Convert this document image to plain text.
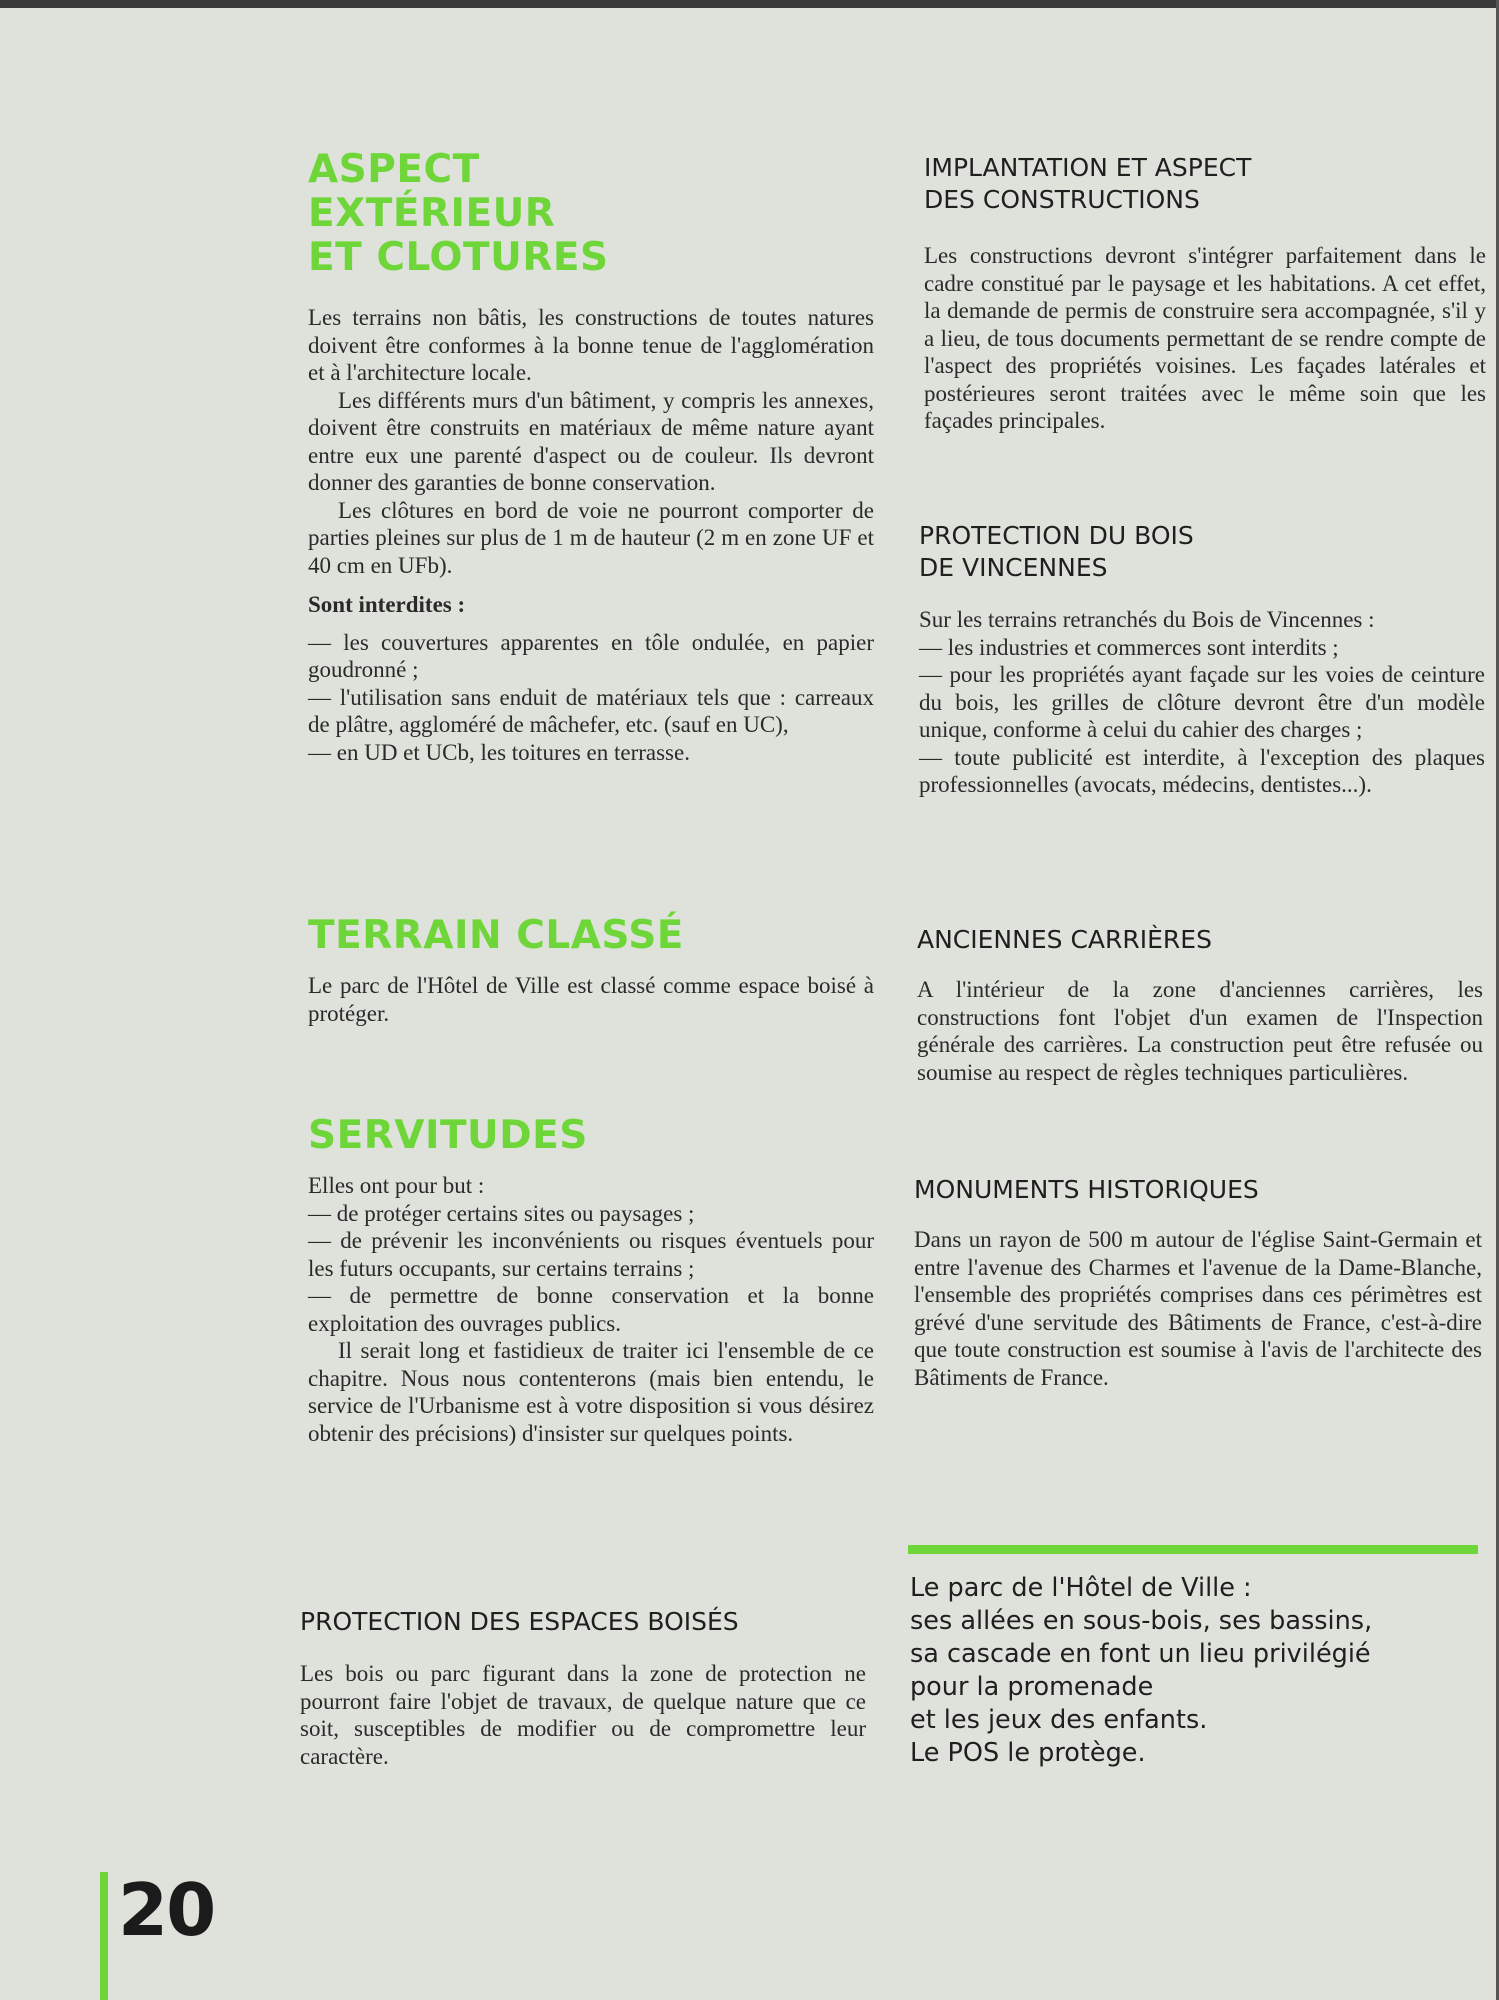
ASPECT
EXTÉRIEUR
ET CLOTURES

Les terrains non bâtis, les constructions de toutes natures doivent être conformes à la bonne tenue de l'agglomération et à l'architecture locale.

Les différents murs d'un bâtiment, y compris les annexes, doivent être construits en matériaux de même nature ayant entre eux une parenté d'aspect ou de couleur. Ils devront donner des garanties de bonne conservation.

Les clôtures en bord de voie ne pourront comporter de parties pleines sur plus de 1 m de hauteur (2 m en zone UF et 40 cm en UFb).

Sont interdites :

— les couvertures apparentes en tôle ondulée, en papier goudronné ;

— l'utilisation sans enduit de matériaux tels que : carreaux de plâtre, aggloméré de mâchefer, etc. (sauf en UC),

— en UD et UCb, les toitures en terrasse.

TERRAIN CLASSÉ
Le parc de l'Hôtel de Ville est classé comme espace boisé à protéger.
SERVITUDES

Elles ont pour but :

— de protéger certains sites ou paysages ;

— de prévenir les inconvénients ou risques éventuels pour les futurs occupants, sur certains terrains ;

— de permettre de bonne conservation et la bonne exploitation des ouvrages publics.

Il serait long et fastidieux de traiter ici l'ensemble de ce chapitre. Nous nous contenterons (mais bien entendu, le service de l'Urbanisme est à votre disposition si vous désirez obtenir des précisions) d'insister sur quelques points.

PROTECTION DES ESPACES BOISÉS
Les bois ou parc figurant dans la zone de protection ne pourront faire l'objet de travaux, de quelque nature que ce soit, susceptibles de modifier ou de compromettre leur caractère.
IMPLANTATION ET ASPECT
DES CONSTRUCTIONS
Les constructions devront s'intégrer parfaitement dans le cadre constitué par le paysage et les habitations. A cet effet, la demande de permis de construire sera accompagnée, s'il y a lieu, de tous documents permettant de se rendre compte de l'aspect des propriétés voisines. Les façades latérales et postérieures seront traitées avec le même soin que les façades principales.
PROTECTION DU BOIS
DE VINCENNES

Sur les terrains retranchés du Bois de Vincennes :

— les industries et commerces sont interdits ;

— pour les propriétés ayant façade sur les voies de ceinture du bois, les grilles de clôture devront être d'un modèle unique, conforme à celui du cahier des charges ;

— toute publicité est interdite, à l'exception des plaques professionnelles (avocats, médecins, dentistes...).

ANCIENNES CARRIÈRES
A l'intérieur de la zone d'anciennes carrières, les constructions font l'objet d'un examen de l'Inspection générale des carrières. La construction peut être refusée ou soumise au respect de règles techniques particulières.
MONUMENTS HISTORIQUES
Dans un rayon de 500 m autour de l'église Saint-Germain et entre l'avenue des Charmes et l'avenue de la Dame-Blanche, l'ensemble des propriétés comprises dans ces périmètres est grévé d'une servitude des Bâtiments de France, c'est-à-dire que toute construction est soumise à l'avis de l'architecte des Bâtiments de France.
Le parc de l'Hôtel de Ville :
ses allées en sous-bois, ses bassins,
sa cascade en font un lieu privilégié
pour la promenade
et les jeux des enfants.
Le POS le protège.
20
